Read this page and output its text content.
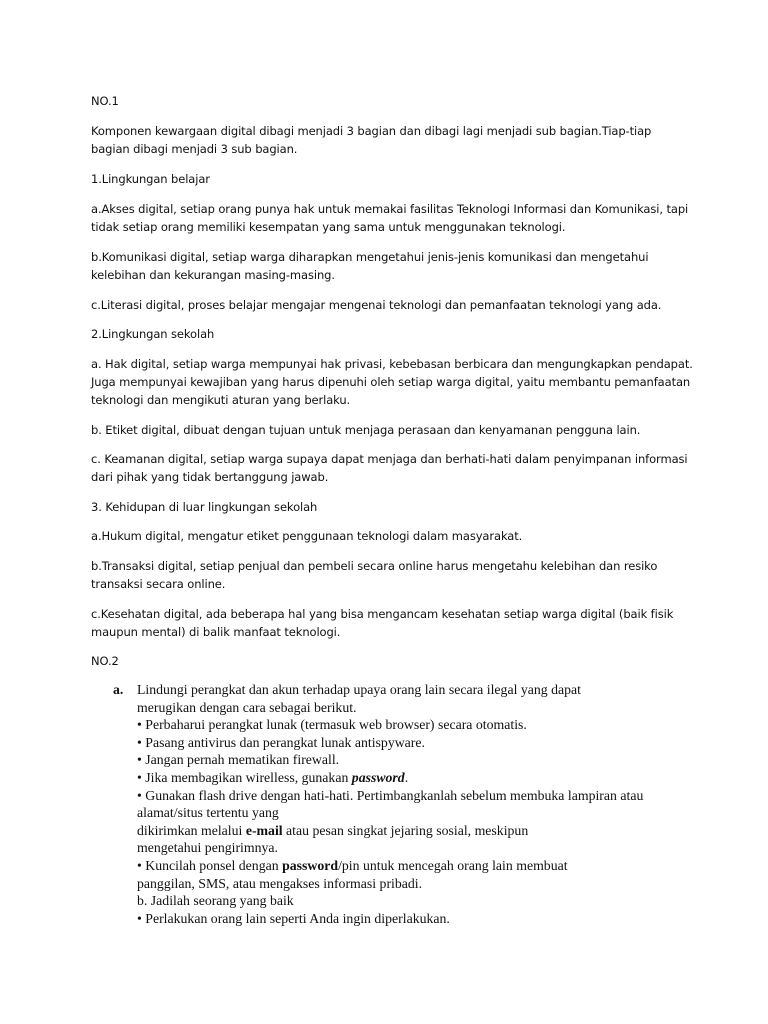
NO.1

Komponen kewargaan digital dibagi menjadi 3 bagian dan dibagi lagi menjadi sub bagian.Tiap-tiap bagian dibagi menjadi 3 sub bagian.

1.Lingkungan belajar

a.Akses digital, setiap orang punya hak untuk memakai fasilitas Teknologi Informasi dan Komunikasi, tapi tidak setiap orang memiliki kesempatan yang sama untuk menggunakan teknologi.

b.Komunikasi digital, setiap warga diharapkan mengetahui jenis-jenis komunikasi dan mengetahui kelebihan dan kekurangan masing-masing.

c.Literasi digital, proses belajar mengajar mengenai teknologi dan pemanfaatan teknologi yang ada.

2.Lingkungan sekolah

a. Hak digital, setiap warga mempunyai hak privasi, kebebasan berbicara dan mengungkapkan pendapat. Juga mempunyai kewajiban yang harus dipenuhi oleh setiap warga digital, yaitu membantu pemanfaatan teknologi dan mengikuti aturan yang berlaku.

b. Etiket digital, dibuat dengan tujuan untuk menjaga perasaan dan kenyamanan pengguna lain.

c. Keamanan digital, setiap warga supaya dapat menjaga dan berhati-hati dalam penyimpanan informasi dari pihak yang tidak bertanggung jawab.

3. Kehidupan di luar lingkungan sekolah

a.Hukum digital, mengatur etiket penggunaan teknologi dalam masyarakat.

b.Transaksi digital, setiap penjual dan pembeli secara online harus mengetahu kelebihan dan resiko transaksi secara online.

c.Kesehatan digital, ada beberapa hal yang bisa mengancam kesehatan setiap warga digital (baik fisik maupun mental) di balik manfaat teknologi.

NO.2

a. Lindungi perangkat dan akun terhadap upaya orang lain secara ilegal yang dapat
merugikan dengan cara sebagai berikut.
• Perbaharui perangkat lunak (termasuk web browser) secara otomatis.
• Pasang antivirus dan perangkat lunak antispyware.
• Jangan pernah mematikan firewall.
• Jika membagikan wirelless, gunakan password.
• Gunakan flash drive dengan hati-hati. Pertimbangkanlah sebelum membuka lampiran atau
alamat/situs tertentu yang
dikirimkan melalui e-mail atau pesan singkat jejaring sosial, meskipun
mengetahui pengirimnya.
• Kuncilah ponsel dengan password/pin untuk mencegah orang lain membuat
panggilan, SMS, atau mengakses informasi pribadi.
b. Jadilah seorang yang baik
• Perlakukan orang lain seperti Anda ingin diperlakukan.
